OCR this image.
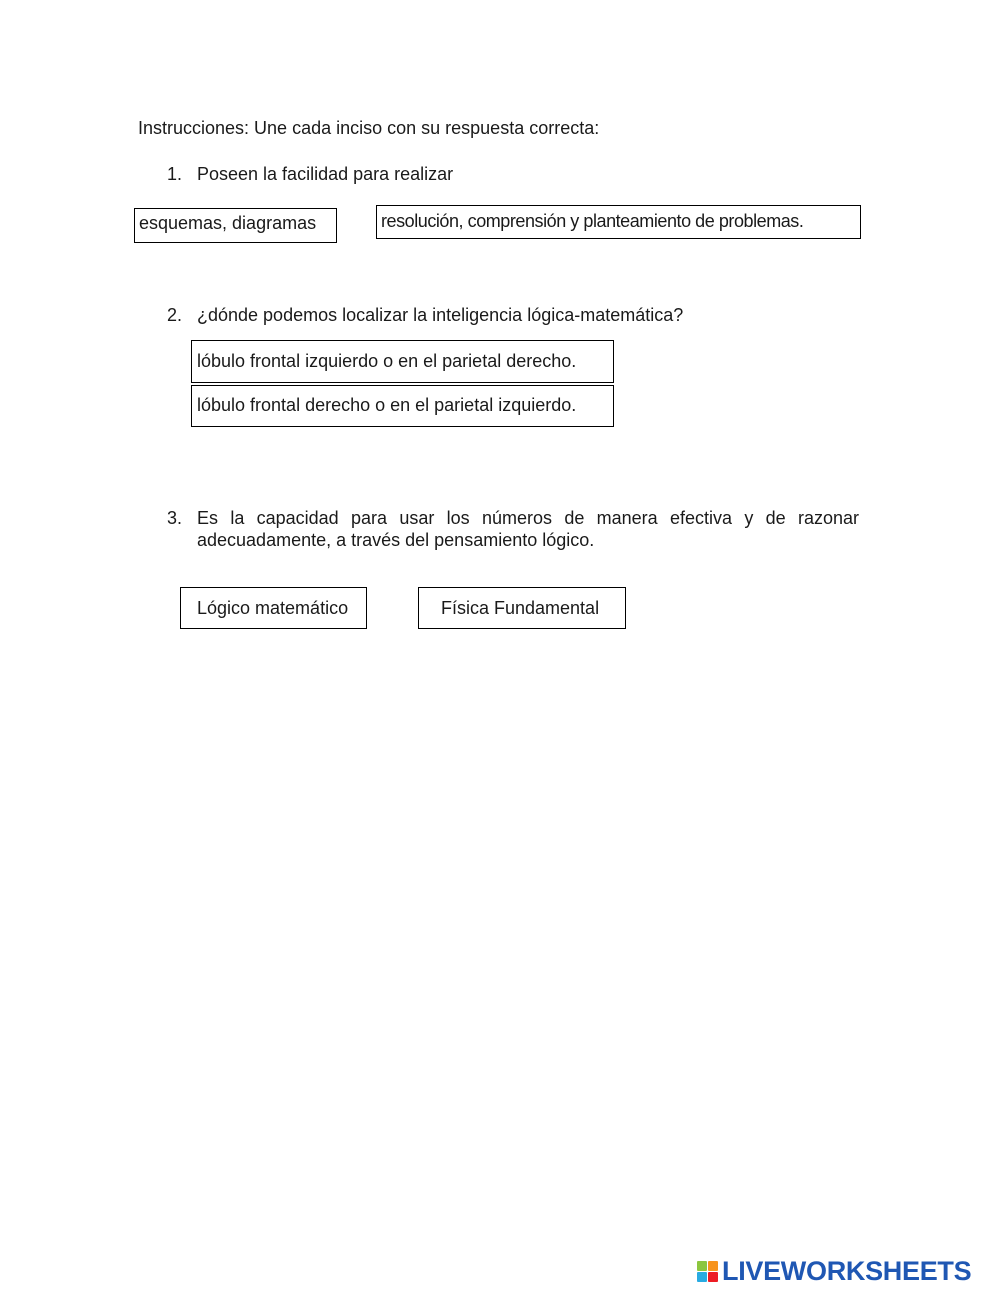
Instrucciones: Une cada inciso con su respuesta correcta:
1. Poseen la facilidad para realizar
esquemas, diagramas	resolución, comprensión y planteamiento de problemas.
2. ¿dónde podemos localizar la inteligencia lógica-matemática?
lóbulo frontal izquierdo o en el parietal derecho.
lóbulo frontal derecho o en el parietal izquierdo.
3. Es la capacidad para usar los números de manera efectiva y de razonar adecuadamente, a través del pensamiento lógico.
Lógico matemático	Física Fundamental
LIVEWORKSHEETS
